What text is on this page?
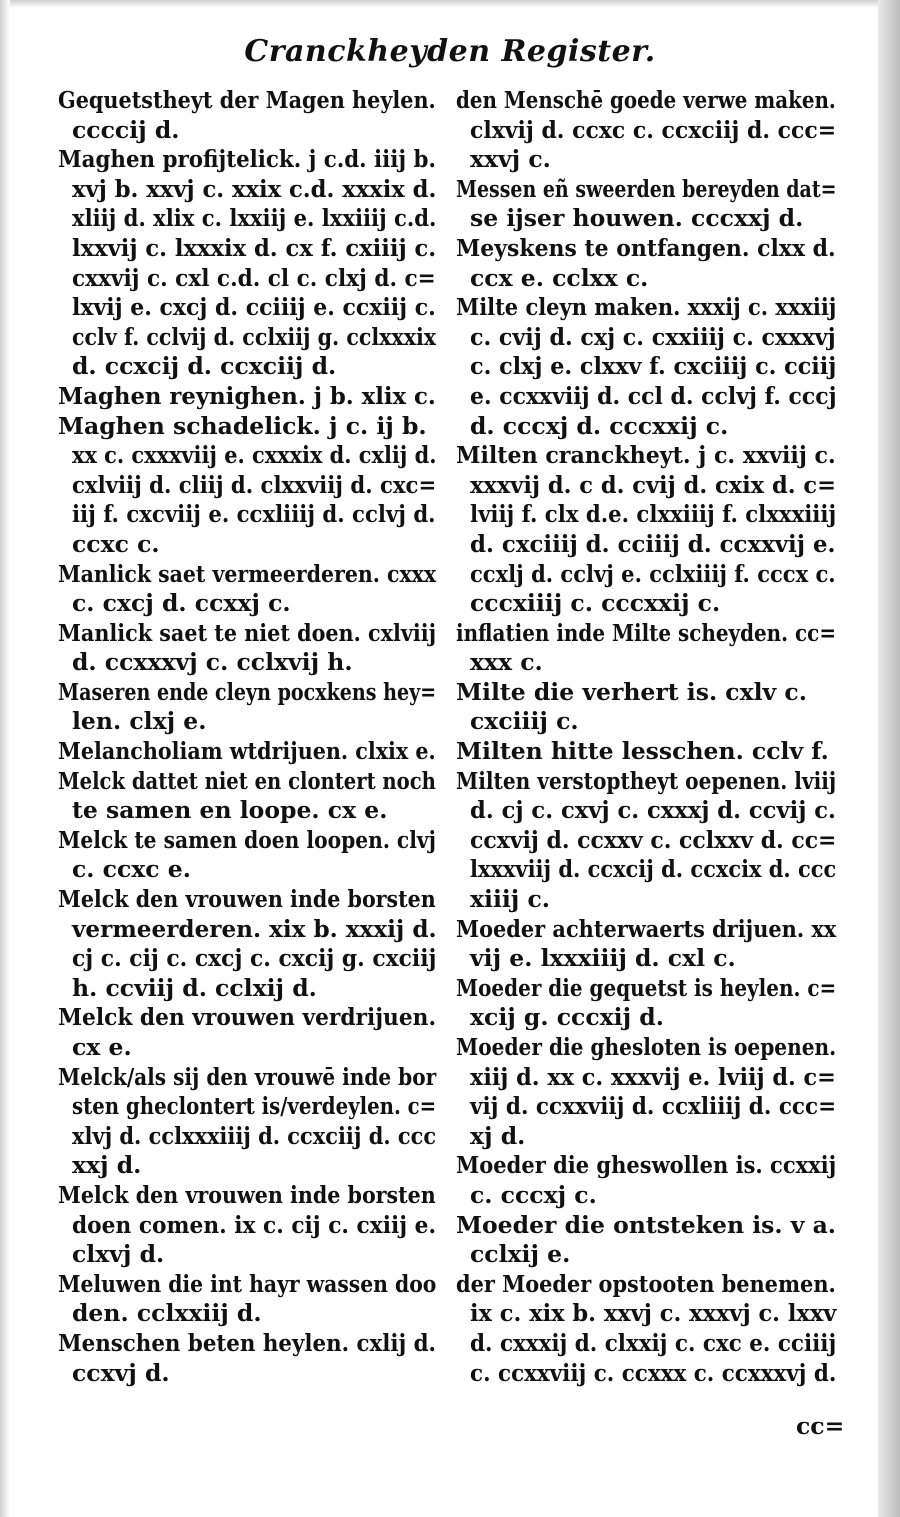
Cranckheyden Register.
Gequetstheyt der Magen heylen.
ccccij d.
Maghen profijtelick. j c.d. iiij b.
xvj b. xxvj c. xxix c.d. xxxix d.
xliij d. xlix c. lxxiij e. lxxiiij c.d.
lxxvij c. lxxxix d. cx f. cxiiij c.
cxxvij c. cxl c.d. cl c. clxj d. c=
lxvij e. cxcj d. cciiij e. ccxiij c.
cclv f. cclvij d. cclxiij g. cclxxxix
d. ccxcij d. ccxciij d.
Maghen reynighen. j b. xlix c.
Maghen schadelick. j c. ij b.
xx c. cxxxviij e. cxxxix d. cxlij d.
cxlviij d. cliij d. clxxviij d. cxc=
iij f. cxcviij e. ccxliiij d. cclvj d.
ccxc c.
Manlick saet vermeerderen. cxxx
c. cxcj d. ccxxj c.
Manlick saet te niet doen. cxlviij
d. ccxxxvj c. cclxvij h.
Maseren ende cleyn pocxkens hey=
len. clxj e.
Melancholiam wtdrijuen. clxix e.
Melck dattet niet en clontert noch
te samen en loope. cx e.
Melck te samen doen loopen. clvj
c. ccxc e.
Melck den vrouwen inde borsten
vermeerderen. xix b. xxxij d.
cj c. cij c. cxcj c. cxcij g. cxciij
h. ccviij d. cclxij d.
Melck den vrouwen verdrijuen.
cx e.
Melck/als sij den vrouwē inde bor
sten gheclontert is/verdeylen. c=
xlvj d. cclxxxiiij d. ccxciij d. ccc
xxj d.
Melck den vrouwen inde borsten
doen comen. ix c. cij c. cxiij e.
clxvj d.
Meluwen die int hayr wassen doo
den. cclxxiij d.
Menschen beten heylen. cxlij d.
ccxvj d.
den Menschē goede verwe maken.
clxvij d. ccxc c. ccxciij d. ccc=
xxvj c.
Messen eñ sweerden bereyden dat=
se ijser houwen. cccxxj d.
Meyskens te ontfangen. clxx d.
ccx e. cclxx c.
Milte cleyn maken. xxxij c. xxxiij
c. cvij d. cxj c. cxxiiij c. cxxxvj
c. clxj e. clxxv f. cxciiij c. cciij
e. ccxxviij d. ccl d. cclvj f. cccj
d. cccxj d. cccxxij c.
Milten cranckheyt. j c. xxviij c.
xxxvij d. c d. cvij d. cxix d. c=
lviij f. clx d.e. clxxiiij f. clxxxiiij
d. cxciiij d. cciiij d. ccxxvij e.
ccxlj d. cclvj e. cclxiiij f. cccx c.
cccxiiij c. cccxxij c.
inflatien inde Milte scheyden. cc=
xxx c.
Milte die verhert is. cxlv c.
cxciiij c.
Milten hitte lesschen. cclv f.
Milten verstoptheyt oepenen. lviij
d. cj c. cxvj c. cxxxj d. ccvij c.
ccxvij d. ccxxv c. cclxxv d. cc=
lxxxviij d. ccxcij d. ccxcix d. ccc
xiiij c.
Moeder achterwaerts drijuen. xx
vij e. lxxxiiij d. cxl c.
Moeder die gequetst is heylen. c=
xcij g. cccxij d.
Moeder die ghesloten is oepenen.
xiij d. xx c. xxxvij e. lviij d. c=
vij d. ccxxviij d. ccxliiij d. ccc=
xj d.
Moeder die gheswollen is. ccxxij
c. cccxj c.
Moeder die ontsteken is. v a.
cclxij e.
der Moeder opstooten benemen.
ix c. xix b. xxvj c. xxxvj c. lxxv
d. cxxxij d. clxxij c. cxc e. cciiij
c. ccxxviij c. ccxxx c. ccxxxvj d.
cc=
